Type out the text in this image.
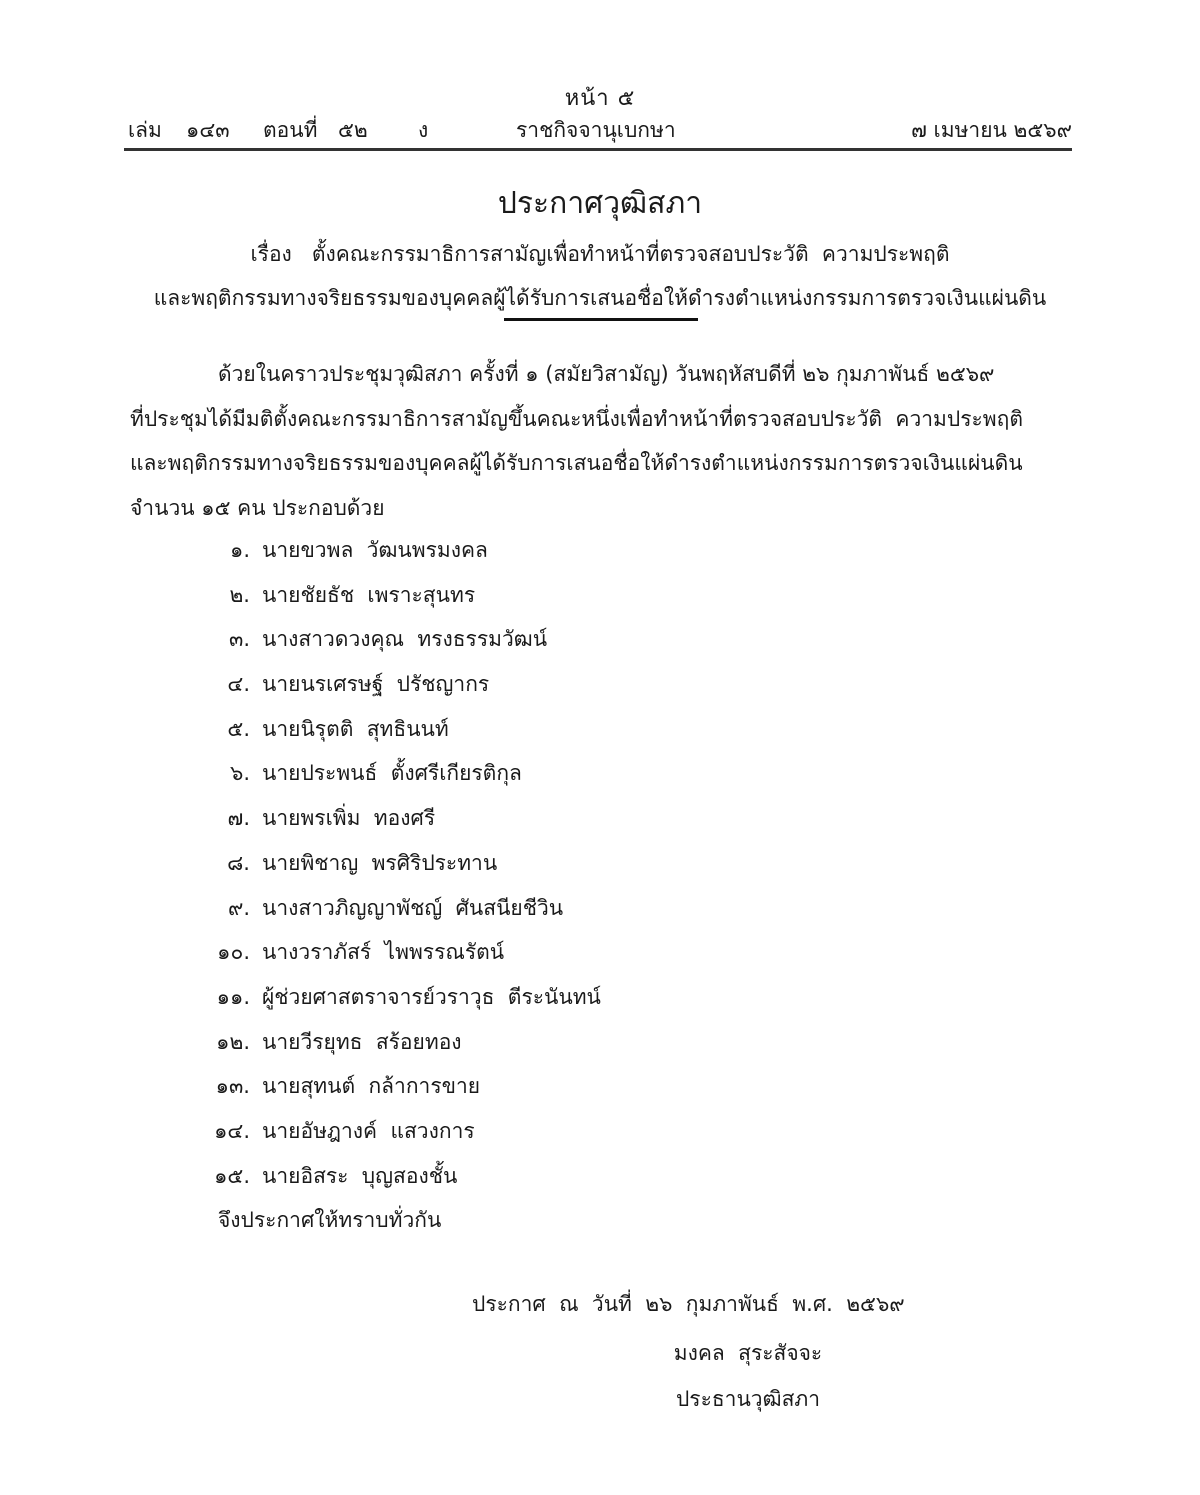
หน้า ๕
เล่ม ๑๔๓ ตอนที่ ๕๒ ง	ราชกิจจานุเบกษา	๗ เมษายน ๒๕๖๙
ประกาศวุฒิสภา
เรื่อง   ตั้งคณะกรรมาธิการสามัญเพื่อทำหน้าที่ตรวจสอบประวัติ  ความประพฤติ
และพฤติกรรมทางจริยธรรมของบุคคลผู้ได้รับการเสนอชื่อให้ดำรงตำแหน่งกรรมการตรวจเงินแผ่นดิน
ด้วยในคราวประชุมวุฒิสภา ครั้งที่ ๑ (สมัยวิสามัญ) วันพฤหัสบดีที่ ๒๖ กุมภาพันธ์ ๒๕๖๙
ที่ประชุมได้มีมติตั้งคณะกรรมาธิการสามัญขึ้นคณะหนึ่งเพื่อทำหน้าที่ตรวจสอบประวัติ  ความประพฤติ
และพฤติกรรมทางจริยธรรมของบุคคลผู้ได้รับการเสนอชื่อให้ดำรงตำแหน่งกรรมการตรวจเงินแผ่นดิน
จำนวน ๑๕ คน ประกอบด้วย
๑. นายขวพล  วัฒนพรมงคล
๒. นายชัยธัช  เพราะสุนทร
๓. นางสาวดวงคุณ  ทรงธรรมวัฒน์
๔. นายนรเศรษฐ์  ปรัชญากร
๕. นายนิรุตติ  สุทธินนท์
๖. นายประพนธ์  ตั้งศรีเกียรติกุล
๗. นายพรเพิ่ม  ทองศรี
๘. นายพิชาญ  พรศิริประทาน
๙. นางสาวภิญญาพัชญ์  ศันสนียชีวิน
๑๐. นางวราภัสร์  ไพพรรณรัตน์
๑๑. ผู้ช่วยศาสตราจารย์วราวุธ  ตีระนันทน์
๑๒. นายวีรยุทธ  สร้อยทอง
๑๓. นายสุทนต์  กล้าการขาย
๑๔. นายอัษฎางค์  แสวงการ
๑๕. นายอิสระ  บุญสองชั้น
จึงประกาศให้ทราบทั่วกัน
ประกาศ  ณ  วันที่  ๒๖  กุมภาพันธ์  พ.ศ.  ๒๕๖๙
มงคล  สุระสัจจะ
ประธานวุฒิสภา
